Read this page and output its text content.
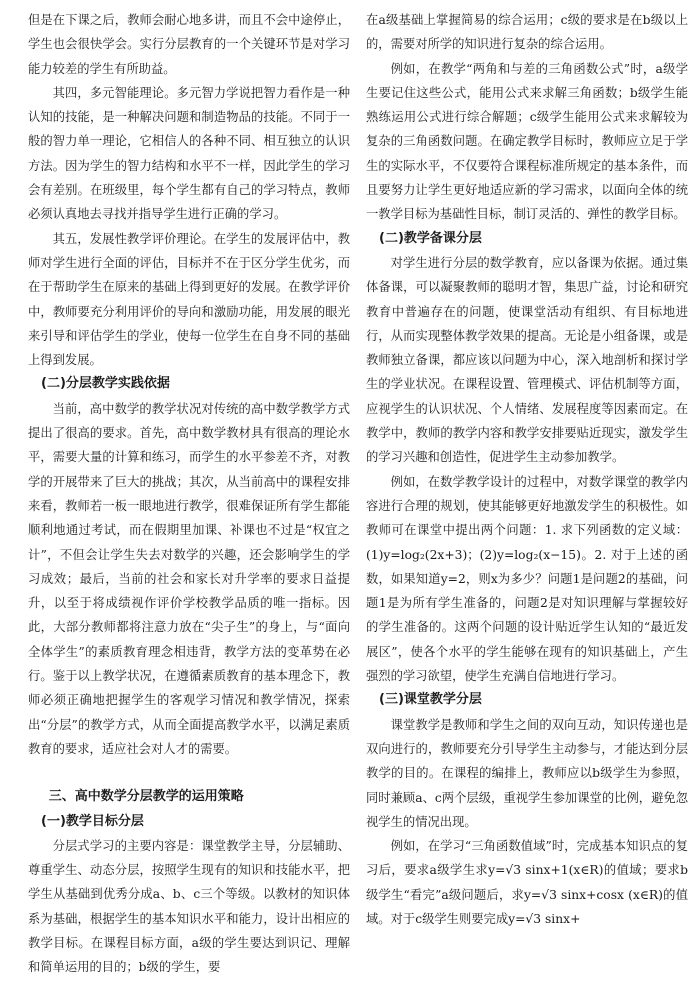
但是在下课之后，教师会耐心地多讲，而且不会中途停止，学生也会很快学会。实行分层教育的一个关键环节是对学习能力较差的学生有所助益。

其四，多元智能理论。多元智力学说把智力看作是一种认知的技能，是一种解决问题和制造物品的技能。不同于一般的智力单一理论，它相信人的各种不同、相互独立的认识方法。因为学生的智力结构和水平不一样，因此学生的学习会有差别。在班级里，每个学生都有自己的学习特点，教师必须认真地去寻找并指导学生进行正确的学习。

其五，发展性教学评价理论。在学生的发展评估中，教师对学生进行全面的评估，目标并不在于区分学生优劣，而在于帮助学生在原来的基础上得到更好的发展。在教学评价中，教师要充分利用评价的导向和激励功能，用发展的眼光来引导和评估学生的学业，使每一位学生在自身不同的基础上得到发展。

(二)分层教学实践依据

当前，高中数学的教学状况对传统的高中数学教学方式提出了很高的要求。首先，高中数学教材具有很高的理论水平，需要大量的计算和练习，而学生的水平参差不齐，对教学的开展带来了巨大的挑战；其次，从当前高中的课程安排来看，教师若一板一眼地进行教学，很难保证所有学生都能顺利地通过考试，而在假期里加课、补课也不过是“权宜之计”，不但会让学生失去对数学的兴趣，还会影响学生的学习成效；最后，当前的社会和家长对升学率的要求日益提升，以至于将成绩视作评价学校教学品质的唯一指标。因此，大部分教师都将注意力放在“尖子生”的身上，与“面向全体学生”的素质教育理念相违背，教学方法的变革势在必行。鉴于以上教学状况，在遵循素质教育的基本理念下，教师必须正确地把握学生的客观学习情况和教学情况，探索出“分层”的教学方式，从而全面提高教学水平，以满足素质教育的要求，适应社会对人才的需要。

三、高中数学分层教学的运用策略
(一)教学目标分层

分层式学习的主要内容是：课堂教学主导，分层辅助、尊重学生、动态分层，按照学生现有的知识和技能水平，把学生从基础到优秀分成a、b、c三个等级。以教材的知识体系为基础，根据学生的基本知识水平和能力，设计出相应的教学目标。在课程目标方面，a级的学生要达到识记、理解和简单运用的目的；b级的学生，要

在a级基础上掌握简易的综合运用；c级的要求是在b级以上的，需要对所学的知识进行复杂的综合运用。

例如，在教学“两角和与差的三角函数公式”时，a级学生要记住这些公式，能用公式来求解三角函数；b级学生能熟练运用公式进行综合解题；c级学生能用公式来求解较为复杂的三角函数问题。在确定教学目标时，教师应立足于学生的实际水平，不仅要符合课程标准所规定的基本条件，而且要努力让学生更好地适应新的学习需求，以面向全体的统一教学目标为基础性目标，制订灵活的、弹性的教学目标。

(二)教学备课分层

对学生进行分层的数学教育，应以备课为依据。通过集体备课，可以凝聚教师的聪明才智，集思广益，讨论和研究教育中普遍存在的问题，使课堂活动有组织、有目标地进行，从而实现整体教学效果的提高。无论是小组备课，或是教师独立备课，都应该以问题为中心，深入地剖析和探讨学生的学业状况。在课程设置、管理模式、评估机制等方面，应视学生的认识状况、个人情绪、发展程度等因素而定。在教学中，教师的教学内容和教学安排要贴近现实，激发学生的学习兴趣和创造性，促进学生主动参加教学。

例如，在数学教学设计的过程中，对数学课堂的教学内容进行合理的规划，使其能够更好地激发学生的积极性。如教师可在课堂中提出两个问题：1. 求下列函数的定义域：(1)y=log₂(2x+3)；(2)y=log₂(x−15)。2. 对于上述的函数，如果知道y=2，则x为多少？问题1是问题2的基础，问题1是为所有学生准备的，问题2是对知识理解与掌握较好的学生准备的。这两个问题的设计贴近学生认知的“最近发展区”，使各个水平的学生能够在现有的知识基础上，产生强烈的学习欲望，使学生充满自信地进行学习。

(三)课堂教学分层

课堂教学是教师和学生之间的双向互动，知识传递也是双向进行的，教师要充分引导学生主动参与，才能达到分层教学的目的。在课程的编排上，教师应以b级学生为参照，同时兼顾a、c两个层级，重视学生参加课堂的比例，避免忽视学生的情况出现。

例如，在学习“三角函数值域”时，完成基本知识点的复习后，要求a级学生求y=√3 sinx+1(x∈R)的值域；要求b级学生“看完”a级问题后，求y=√3 sinx+cosx (x∈R)的值域。对于c级学生则要完成y=√3 sinx+
